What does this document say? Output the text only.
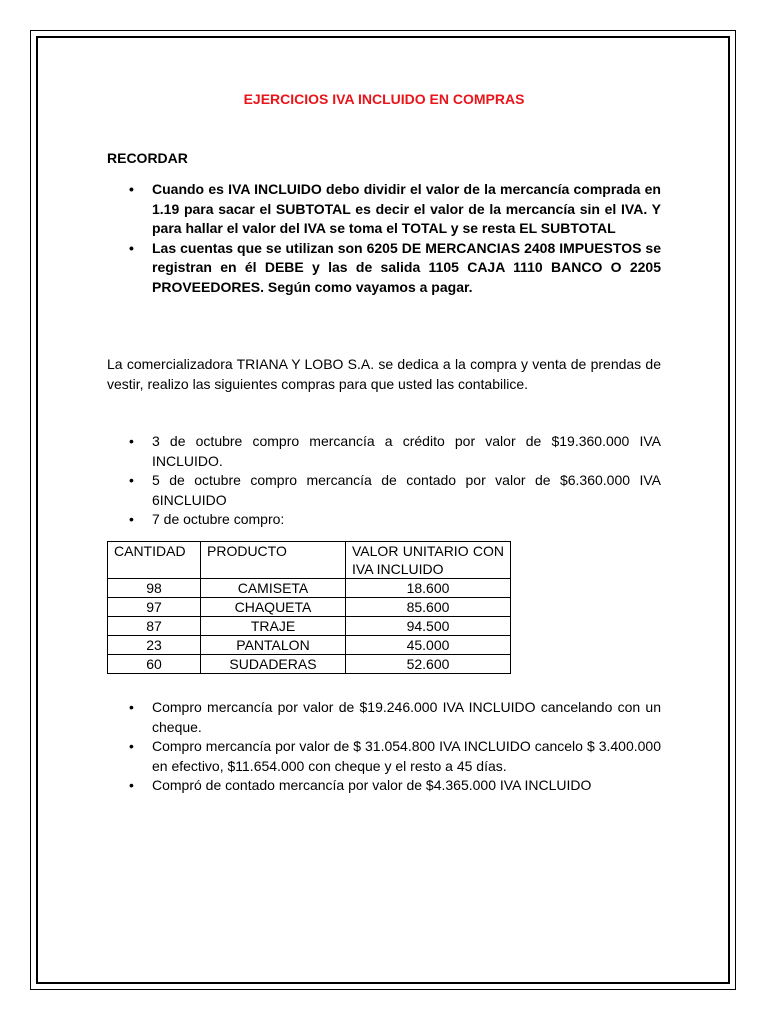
EJERCICIOS IVA INCLUIDO EN COMPRAS
RECORDAR
• Cuando es IVA INCLUIDO debo dividir el valor de la mercancía comprada en 1.19 para sacar el SUBTOTAL es decir el valor de la mercancía sin el IVA. Y para hallar el valor del IVA se toma el TOTAL y se resta EL SUBTOTAL
• Las cuentas que se utilizan son 6205 DE MERCANCIAS 2408 IMPUESTOS se registran en él DEBE y las de salida 1105 CAJA 1110 BANCO O 2205 PROVEEDORES. Según como vayamos a pagar.
La comercializadora TRIANA Y LOBO S.A. se dedica a la compra y venta de prendas de vestir, realizo las siguientes compras para que usted las contabilice.
• 3 de octubre compro mercancía a crédito por valor de $19.360.000 IVA INCLUIDO.
• 5 de octubre compro mercancía de contado por valor de $6.360.000 IVA 6INCLUIDO
• 7 de octubre compro:
CANTIDAD	PRODUCTO	VALOR UNITARIO CON IVA INCLUIDO
98	CAMISETA	18.600
97	CHAQUETA	85.600
87	TRAJE	94.500
23	PANTALON	45.000
60	SUDADERAS	52.600
• Compro mercancía por valor de $19.246.000 IVA INCLUIDO cancelando con un cheque.
• Compro mercancía por valor de $ 31.054.800 IVA INCLUIDO cancelo $ 3.400.000 en efectivo, $11.654.000 con cheque y el resto a 45 días.
• Compró de contado mercancía por valor de $4.365.000 IVA INCLUIDO
